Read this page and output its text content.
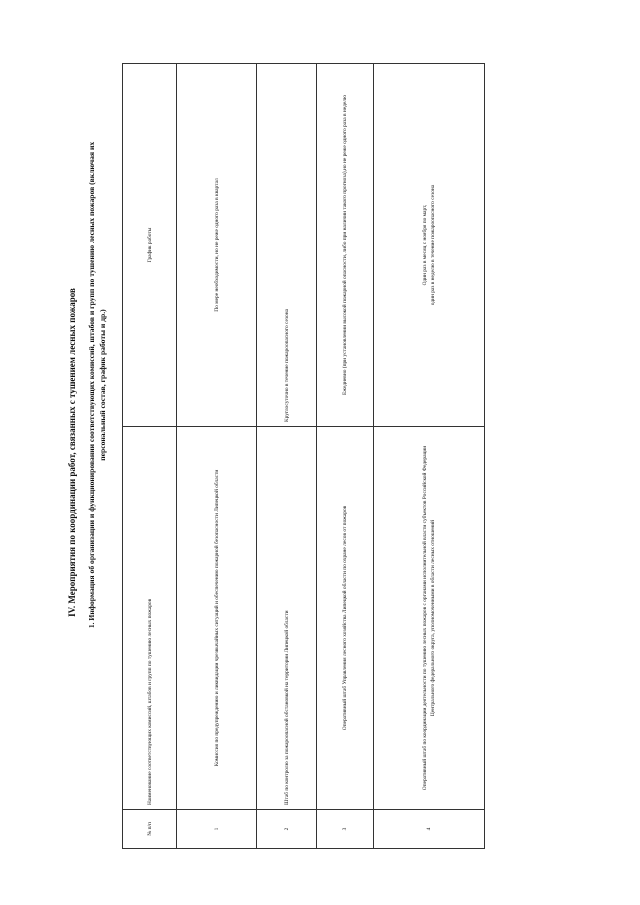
IV. Мероприятия по координации работ, связанных с тушением лесных пожаров 1. Информация об организации и функционировании соответствующих комиссий, штабов и групп по тушению лесных пожаров (включая их персональный состав, график работы и др.)
№ п/п	Наименование соответствующих комиссий, штабов и групп по тушению лесных пожаров	График работы
1	Комиссия по предупреждению и ликвидации чрезвычайных ситуаций и обеспечению пожарной безопасности Липецкой области	По мере необходимости, но не реже одного раза в квартал
2	Штаб по контролю за пожароопасной обстановкой на территории Липецкой области	Круглосуточно в течение пожароопасного сезона
3	Оперативный штаб Управления лесного хозяйства Липецкой области по охране лесов от пожаров	Ежедневно (при установлении высокой пожарной опасности, либо при наличии такого прогноза),но не реже одного раза в неделю
4	Оперативный штаб по координации деятельности по тушению лесных пожаров с органами исполнительной власти субъектов Российской Федерации Центрального федерального округа, уполномоченными в области лесных отношений	Один раз в месяц с ноября по март, один раз в неделю в течение пожароопасного сезона
